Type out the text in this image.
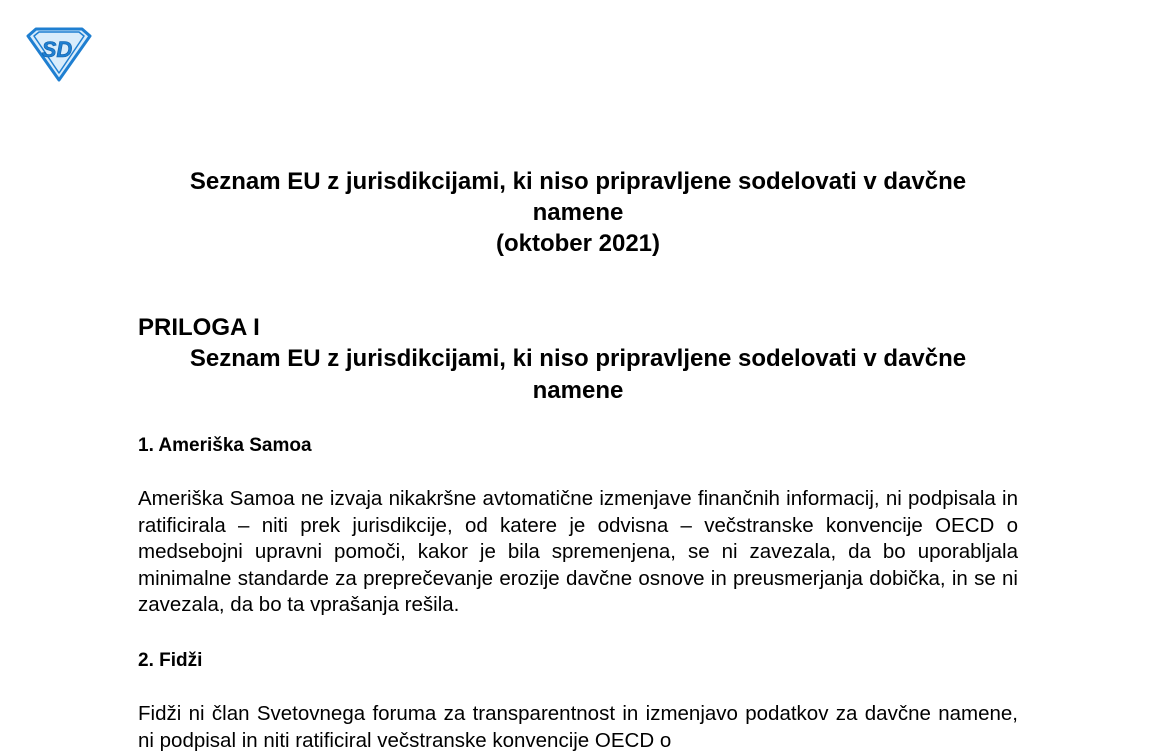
SD
Seznam EU z jurisdikcijami, ki niso pripravljene sodelovati v davčne
namene
(oktober 2021)
PRILOGA I
Seznam EU z jurisdikcijami, ki niso pripravljene sodelovati v davčne
namene
1. Ameriška Samoa
Ameriška Samoa ne izvaja nikakršne avtomatične izmenjave finančnih informacij, ni podpisala in ratificirala – niti prek jurisdikcije, od katere je odvisna – večstranske konvencije OECD o medsebojni upravni pomoči, kakor je bila spremenjena, se ni zavezala, da bo uporabljala minimalne standarde za preprečevanje erozije davčne osnove in preusmerjanja dobička, in se ni zavezala, da bo ta vprašanja rešila.
2. Fidži
Fidži ni član Svetovnega foruma za transparentnost in izmenjavo podatkov za davčne namene, ni podpisal in niti ratificiral večstranske konvencije OECD o
